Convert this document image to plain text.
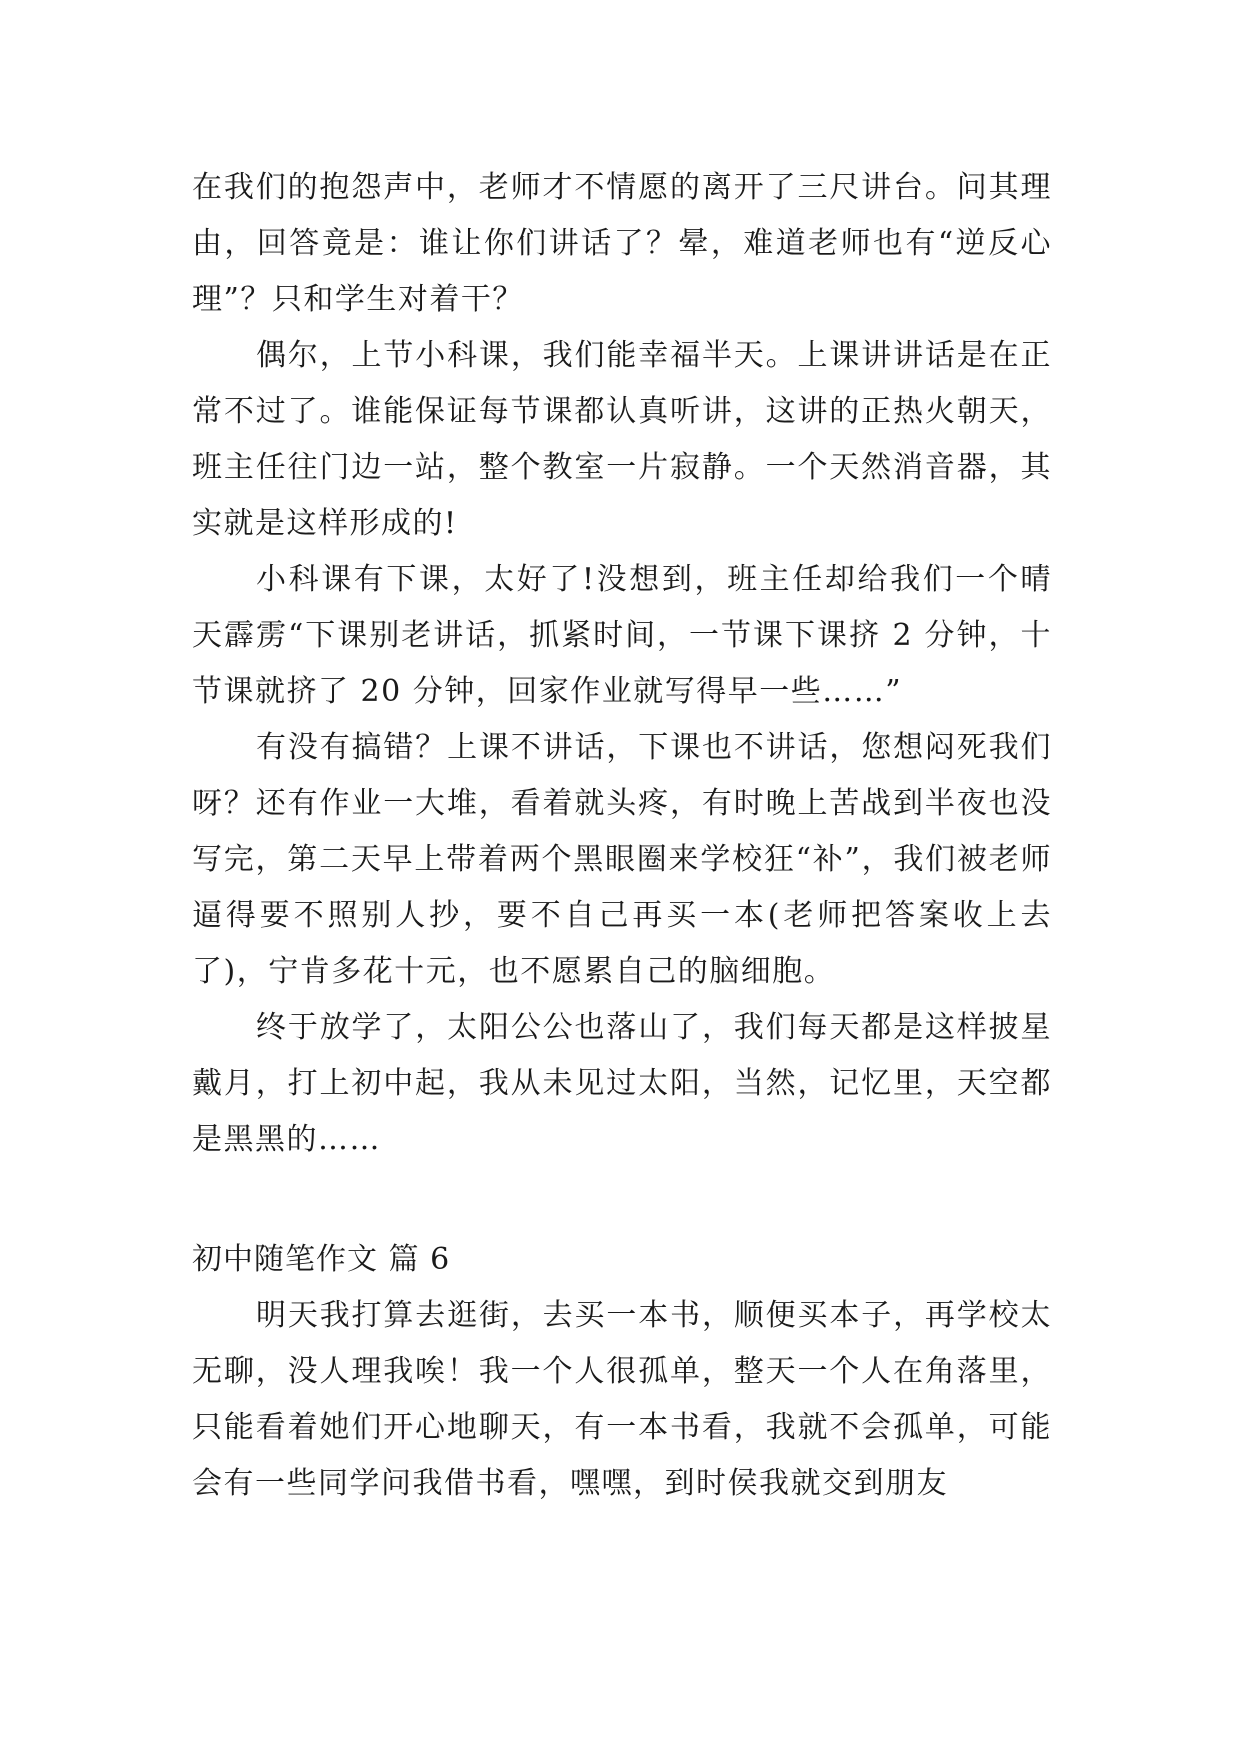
在我们的抱怨声中，老师才不情愿的离开了三尺讲台。问其理由，回答竟是：谁让你们讲话了？晕，难道老师也有“逆反心理”？只和学生对着干？

偶尔，上节小科课，我们能幸福半天。上课讲讲话是在正常不过了。谁能保证每节课都认真听讲，这讲的正热火朝天，班主任往门边一站，整个教室一片寂静。一个天然消音器，其实就是这样形成的!

小科课有下课，太好了!没想到，班主任却给我们一个晴天霹雳“下课别老讲话，抓紧时间，一节课下课挤 2 分钟，十节课就挤了 20 分钟，回家作业就写得早一些……”

有没有搞错？上课不讲话，下课也不讲话，您想闷死我们呀？还有作业一大堆，看着就头疼，有时晚上苦战到半夜也没写完，第二天早上带着两个黑眼圈来学校狂“补”，我们被老师逼得要不照别人抄，要不自己再买一本(老师把答案收上去了)，宁肯多花十元，也不愿累自己的脑细胞。

终于放学了，太阳公公也落山了，我们每天都是这样披星戴月，打上初中起，我从未见过太阳，当然，记忆里，天空都是黑黑的……

初中随笔作文 篇 6

明天我打算去逛街，去买一本书，顺便买本子，再学校太无聊，没人理我唉！我一个人很孤单，整天一个人在角落里，只能看着她们开心地聊天，有一本书看，我就不会孤单，可能会有一些同学问我借书看，嘿嘿，到时侯我就交到朋友
